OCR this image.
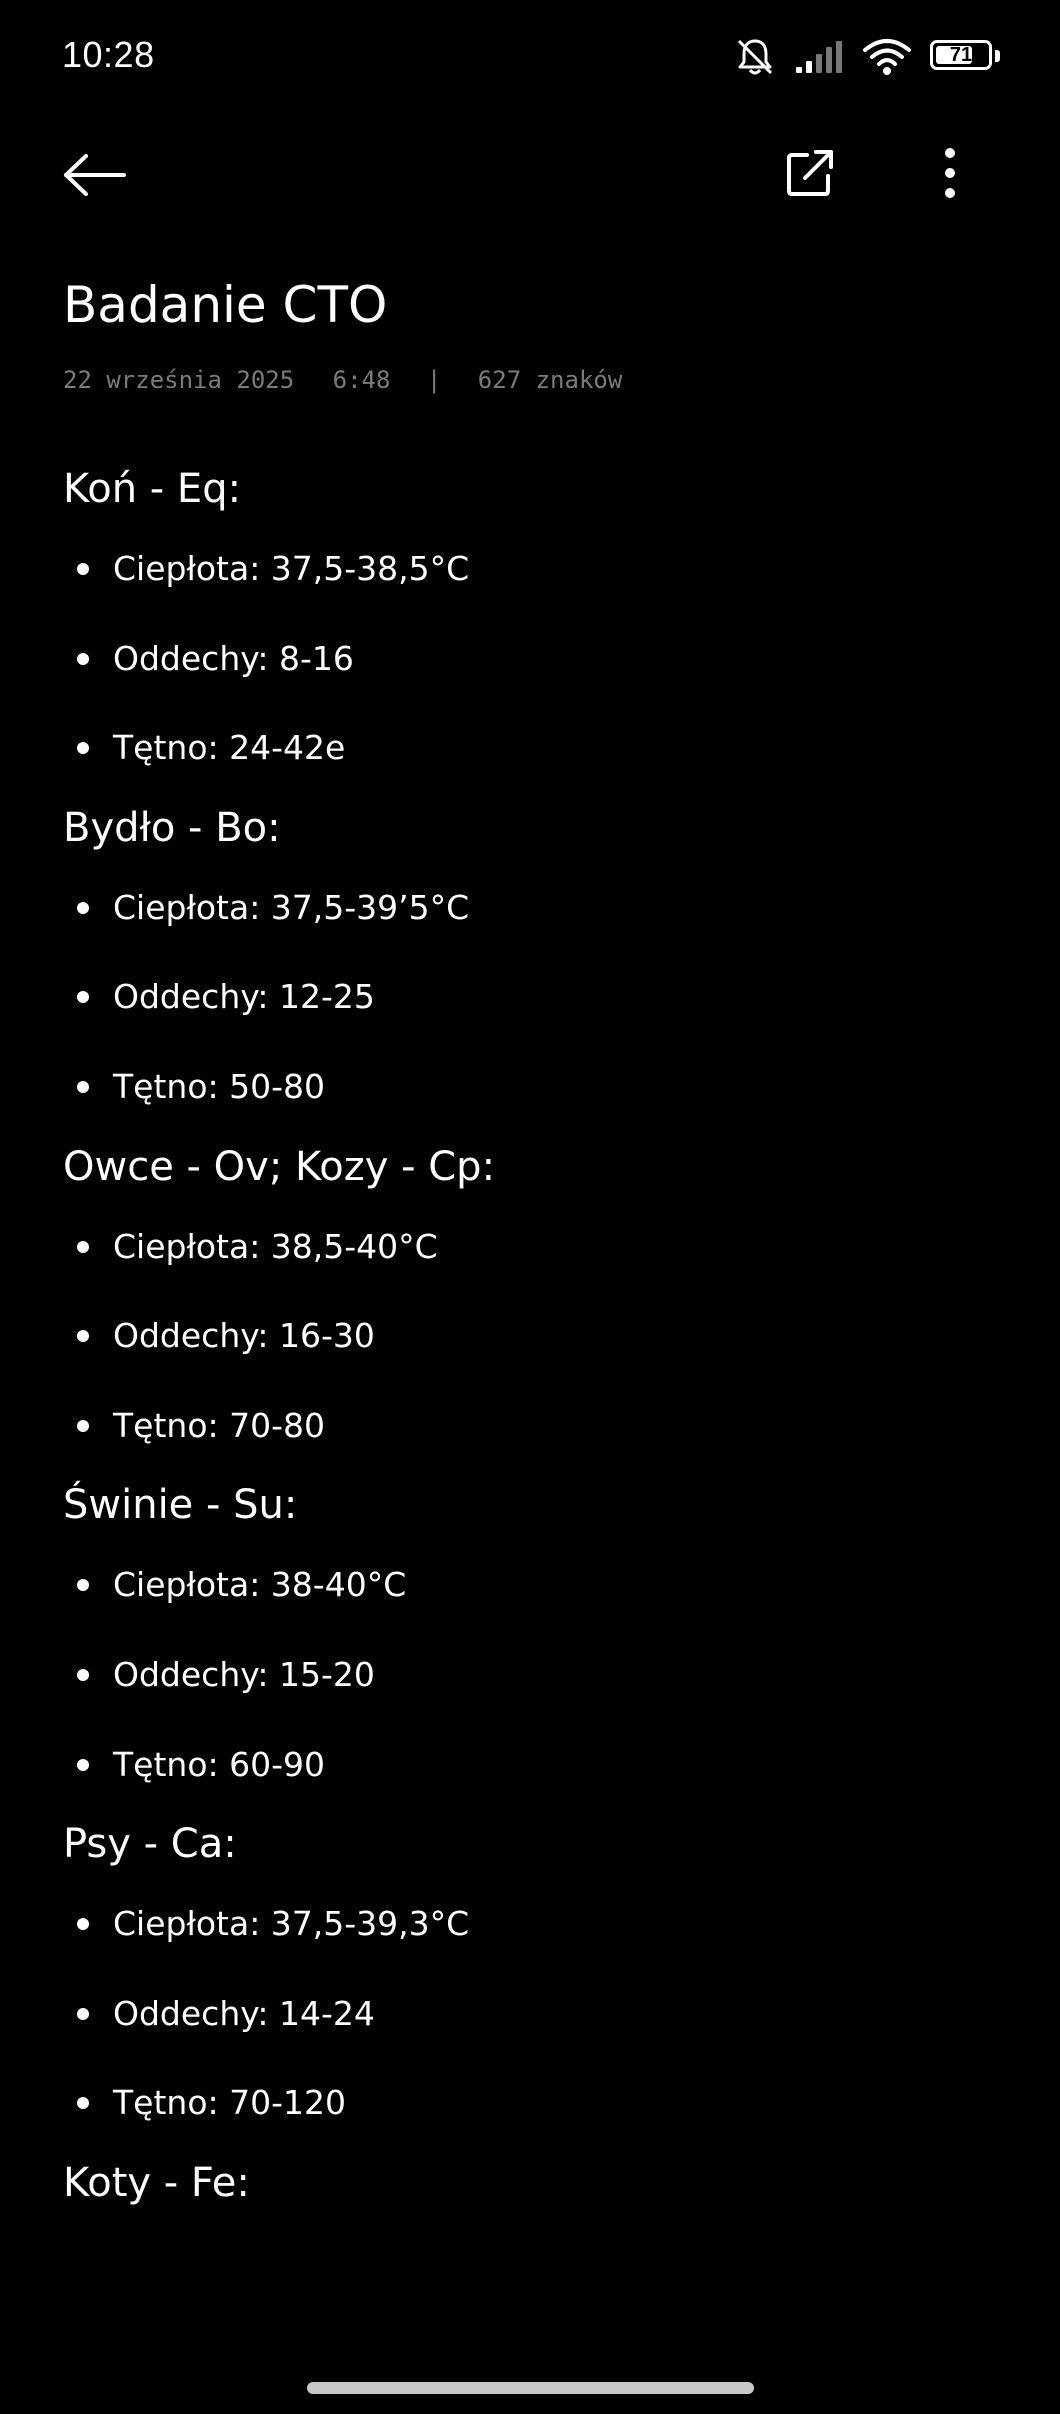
10:28	71
Badanie CTO
22 września 2025 6:48 | 627 znaków
Koń - Eq:
Ciepłota: 37,5-38,5°C
Oddechy: 8-16
Tętno: 24-42e
Bydło - Bo:
Ciepłota: 37,5-39’5°C
Oddechy: 12-25
Tętno: 50-80
Owce - Ov; Kozy - Cp:
Ciepłota: 38,5-40°C
Oddechy: 16-30
Tętno: 70-80
Świnie - Su:
Ciepłota: 38-40°C
Oddechy: 15-20
Tętno: 60-90
Psy - Ca:
Ciepłota: 37,5-39,3°C
Oddechy: 14-24
Tętno: 70-120
Koty - Fe:
